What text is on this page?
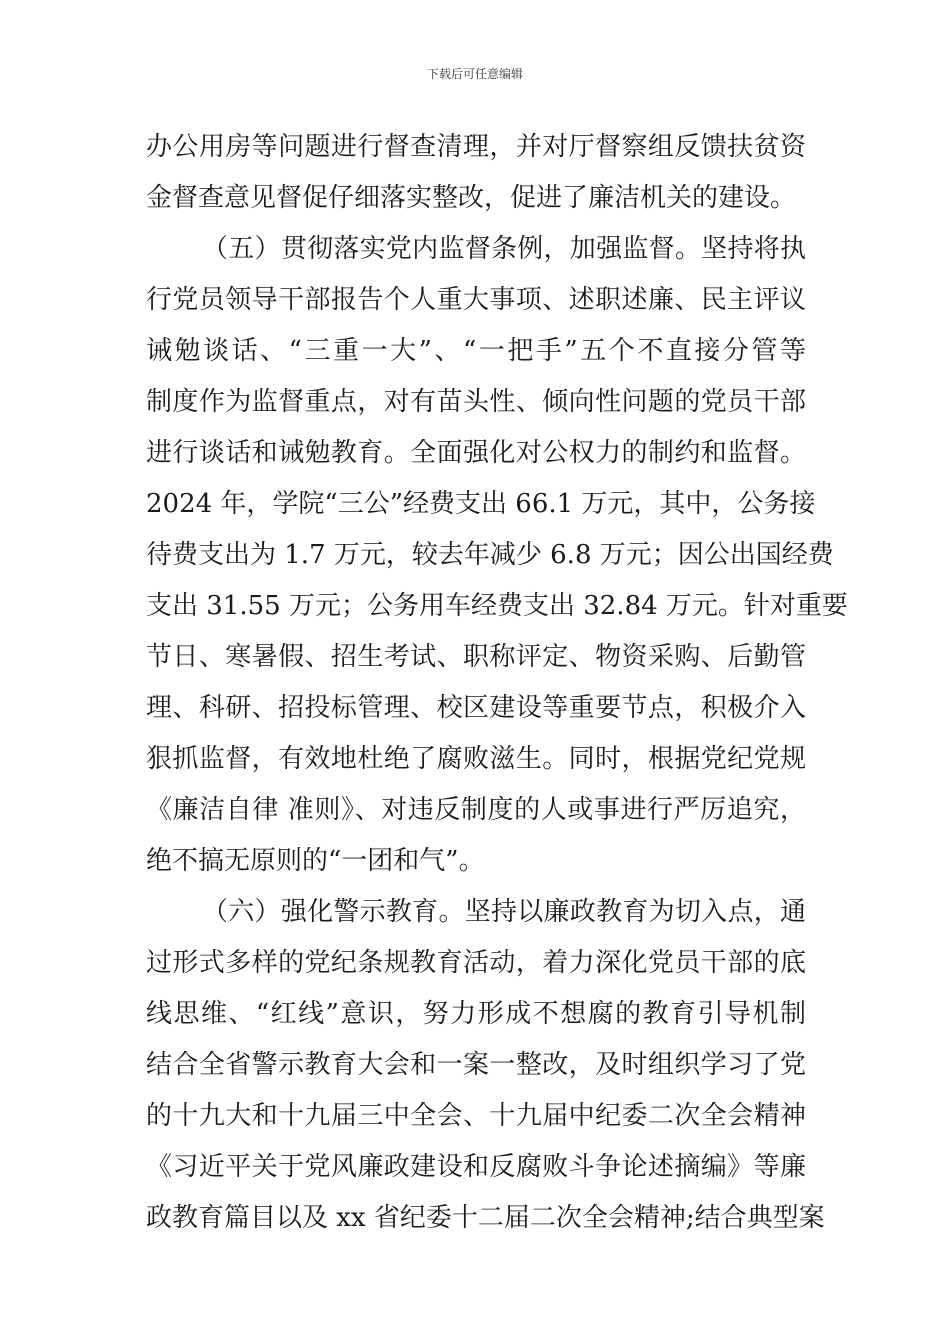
下载后可任意编辑
办公用房等问题进行督查清理，并对厅督察组反馈扶贫资
金督查意见督促仔细落实整改，促进了廉洁机关的建设。
（五）贯彻落实党内监督条例，加强监督。坚持将执
行党员领导干部报告个人重大事项、述职述廉、民主评议
诫勉谈话、“三重一大”、“一把手”五个不直接分管等
制度作为监督重点，对有苗头性、倾向性问题的党员干部
进行谈话和诫勉教育。全面强化对公权力的制约和监督。
2024 年，学院“三公”经费支出 66.1 万元，其中，公务接
待费支出为 1.7 万元，较去年减少 6.8 万元；因公出国经费
支出 31.55 万元；公务用车经费支出 32.84 万元。针对重要
节日、寒暑假、招生考试、职称评定、物资采购、后勤管
理、科研、招投标管理、校区建设等重要节点，积极介入
狠抓监督，有效地杜绝了腐败滋生。同时，根据党纪党规
《廉洁自律 准则》、对违反制度的人或事进行严厉追究，
绝不搞无原则的“一团和气”。
（六）强化警示教育。坚持以廉政教育为切入点，通
过形式多样的党纪条规教育活动，着力深化党员干部的底
线思维、“红线”意识，努力形成不想腐的教育引导机制
结合全省警示教育大会和一案一整改，及时组织学习了党
的十九大和十九届三中全会、十九届中纪委二次全会精神
《习近平关于党风廉政建设和反腐败斗争论述摘编》等廉
政教育篇目以及 xx 省纪委十二届二次全会精神;结合典型案
